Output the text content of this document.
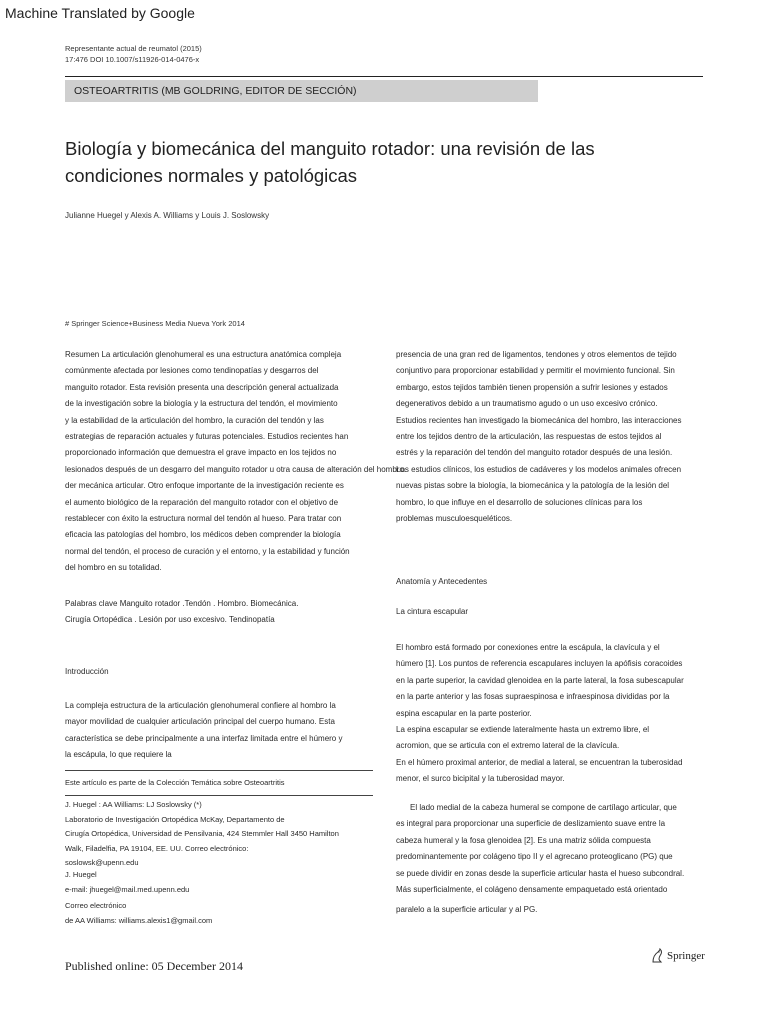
Machine Translated by Google
Representante actual de reumatol (2015)
17:476 DOI 10.1007/s11926-014-0476-x
OSTEOARTRITIS (MB GOLDRING, EDITOR DE SECCIÓN)
Biología y biomecánica del manguito rotador: una revisión de las
condiciones normales y patológicas
Julianne Huegel y Alexis A. Williams y Louis J. Soslowsky
# Springer Science+Business Media Nueva York 2014

Resumen La articulación glenohumeral es una estructura anatómica compleja

comúnmente afectada por lesiones como tendinopatías y desgarros del

manguito rotador. Esta revisión presenta una descripción general actualizada

de la investigación sobre la biología y la estructura del tendón, el movimiento

y la estabilidad de la articulación del hombro, la curación del tendón y las

estrategias de reparación actuales y futuras potenciales. Estudios recientes han

proporcionado información que demuestra el grave impacto en los tejidos no

lesionados después de un desgarro del manguito rotador u otra causa de alteración del hombro.

der mecánica articular. Otro enfoque importante de la investigación reciente es

el aumento biológico de la reparación del manguito rotador con el objetivo de

restablecer con éxito la estructura normal del tendón al hueso. Para tratar con

eficacia las patologías del hombro, los médicos deben comprender la biología

normal del tendón, el proceso de curación y el entorno, y la estabilidad y función

del hombro en su totalidad.

Palabras clave Manguito rotador .Tendón . Hombro. Biomecánica.

Cirugía Ortopédica . Lesión por uso excesivo. Tendinopatía

Introducción

La compleja estructura de la articulación glenohumeral confiere al hombro la

mayor movilidad de cualquier articulación principal del cuerpo humano. Esta

característica se debe principalmente a una interfaz limitada entre el húmero y

la escápula, lo que requiere la

Este artículo es parte de la Colección Temática sobre Osteoartritis

J. Huegel : AA Williams: LJ Soslowsky (*)

Laboratorio de Investigación Ortopédica McKay, Departamento de

Cirugía Ortopédica, Universidad de Pensilvania, 424 Stemmler Hall 3450 Hamilton

Walk, Filadelfia, PA 19104, EE. UU. Correo electrónico:

soslowsk@upenn.edu

J. Huegel

e-mail: jhuegel@mail.med.upenn.edu

Correo electrónico

de AA Williams: williams.alexis1@gmail.com

presencia de una gran red de ligamentos, tendones y otros elementos de tejido

conjuntivo para proporcionar estabilidad y permitir el movimiento funcional. Sin

embargo, estos tejidos también tienen propensión a sufrir lesiones y estados

degenerativos debido a un traumatismo agudo o un uso excesivo crónico.

Estudios recientes han investigado la biomecánica del hombro, las interacciones

entre los tejidos dentro de la articulación, las respuestas de estos tejidos al

estrés y la reparación del tendón del manguito rotador después de una lesión.

Los estudios clínicos, los estudios de cadáveres y los modelos animales ofrecen

nuevas pistas sobre la biología, la biomecánica y la patología de la lesión del

hombro, lo que influye en el desarrollo de soluciones clínicas para los

problemas musculoesqueléticos.

Anatomía y Antecedentes
La cintura escapular

El hombro está formado por conexiones entre la escápula, la clavícula y el

húmero [1]. Los puntos de referencia escapulares incluyen la apófisis coracoides

en la parte superior, la cavidad glenoidea en la parte lateral, la fosa subescapular

en la parte anterior y las fosas supraespinosa e infraespinosa divididas por la

espina escapular en la parte posterior.

La espina escapular se extiende lateralmente hasta un extremo libre, el

acromion, que se articula con el extremo lateral de la clavícula.

En el húmero proximal anterior, de medial a lateral, se encuentran la tuberosidad

menor, el surco bicipital y la tuberosidad mayor.

El lado medial de la cabeza humeral se compone de cartílago articular, que

es integral para proporcionar una superficie de deslizamiento suave entre la

cabeza humeral y la fosa glenoidea [2]. Es una matriz sólida compuesta

predominantemente por colágeno tipo II y el agrecano proteoglicano (PG) que

se puede dividir en zonas desde la superficie articular hasta el hueso subcondral.

Más superficialmente, el colágeno densamente empaquetado está orientado

paralelo a la superficie articular y al PG.

Published online: 05 December 2014
Springer
